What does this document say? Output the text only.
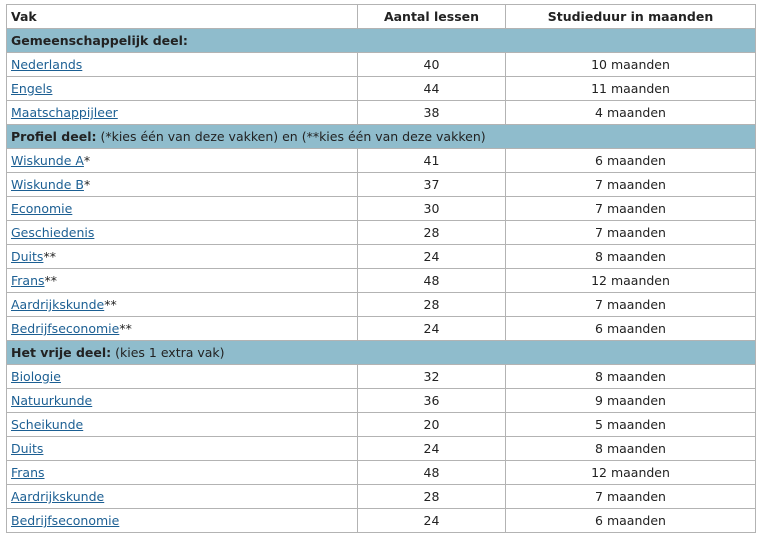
Vak	Aantal lessen	Studieduur in maanden
Gemeenschappelijk deel:		
Nederlands	40	10 maanden
Engels	44	11 maanden
Maatschappijleer	38	4 maanden
Profiel deel: (*kies één van deze vakken) en (**kies één van deze vakken)		
Wiskunde A*	41	6 maanden
Wiskunde B*	37	7 maanden
Economie	30	7 maanden
Geschiedenis	28	7 maanden
Duits**	24	8 maanden
Frans**	48	12 maanden
Aardrijkskunde**	28	7 maanden
Bedrijfseconomie**	24	6 maanden
Het vrije deel: (kies 1 extra vak)		
Biologie	32	8 maanden
Natuurkunde	36	9 maanden
Scheikunde	20	5 maanden
Duits	24	8 maanden
Frans	48	12 maanden
Aardrijkskunde	28	7 maanden
Bedrijfseconomie	24	6 maanden
